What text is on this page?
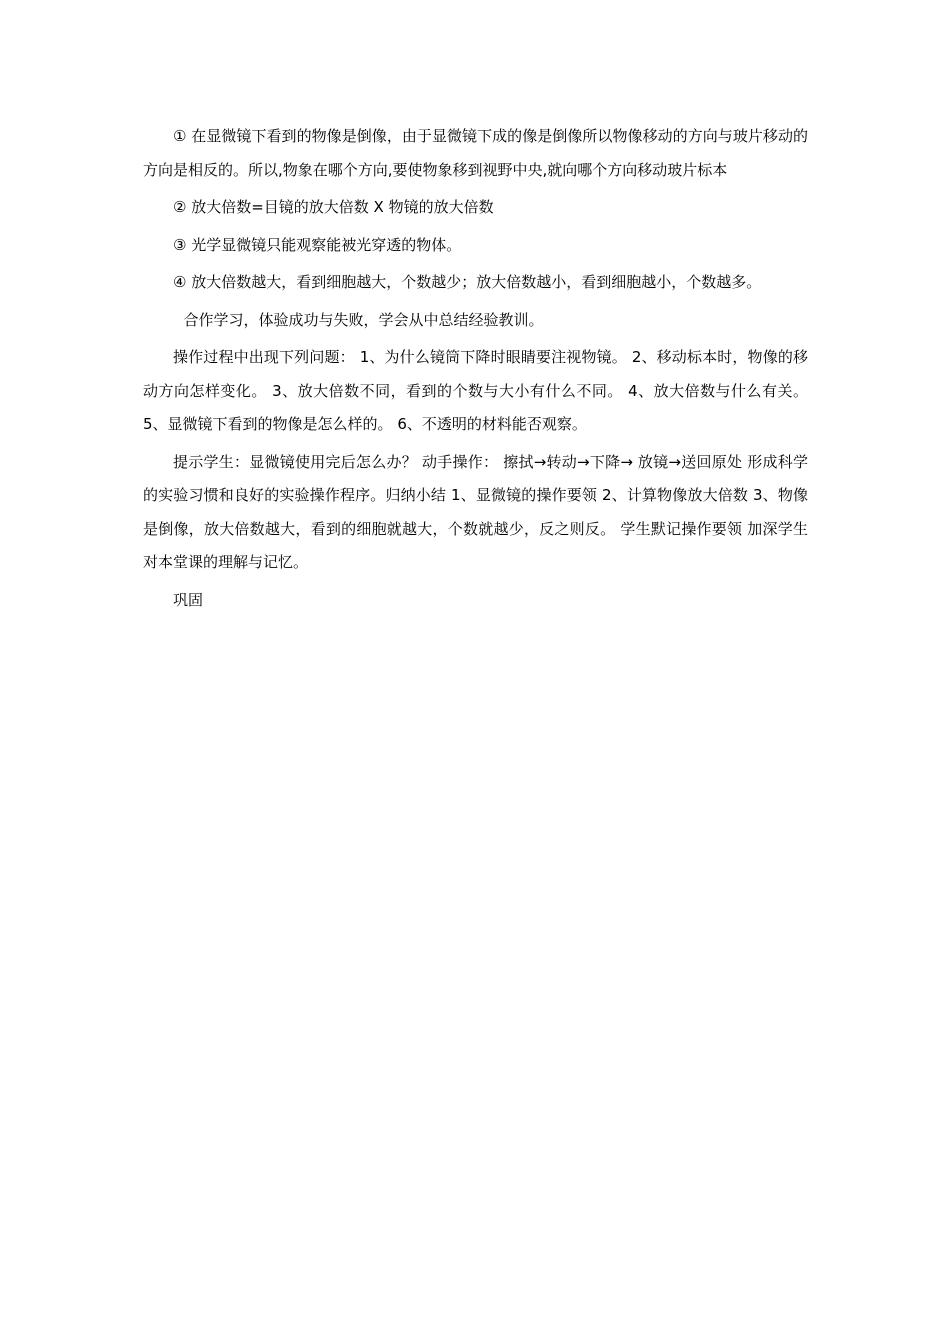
① 在显微镜下看到的物像是倒像，由于显微镜下成的像是倒像所以物像移动的方向与玻片移动的方向是相反的。所以,物象在哪个方向,要使物象移到视野中央,就向哪个方向移动玻片标本

② 放大倍数=目镜的放大倍数 X 物镜的放大倍数

③ 光学显微镜只能观察能被光穿透的物体。

④ 放大倍数越大，看到细胞越大，个数越少；放大倍数越小，看到细胞越小，个数越多。

合作学习，体验成功与失败，学会从中总结经验教训。

操作过程中出现下列问题： 1、为什么镜筒下降时眼睛要注视物镜。 2、移动标本时，物像的移动方向怎样变化。 3、放大倍数不同，看到的个数与大小有什么不同。 4、放大倍数与什么有关。 5、显微镜下看到的物像是怎么样的。 6、不透明的材料能否观察。

提示学生：显微镜使用完后怎么办？ 动手操作： 擦拭→转动→下降→ 放镜→送回原处 形成科学的实验习惯和良好的实验操作程序。归纳小结 1、显微镜的操作要领 2、计算物像放大倍数 3、物像是倒像，放大倍数越大，看到的细胞就越大，个数就越少，反之则反。 学生默记操作要领 加深学生对本堂课的理解与记忆。

巩固
